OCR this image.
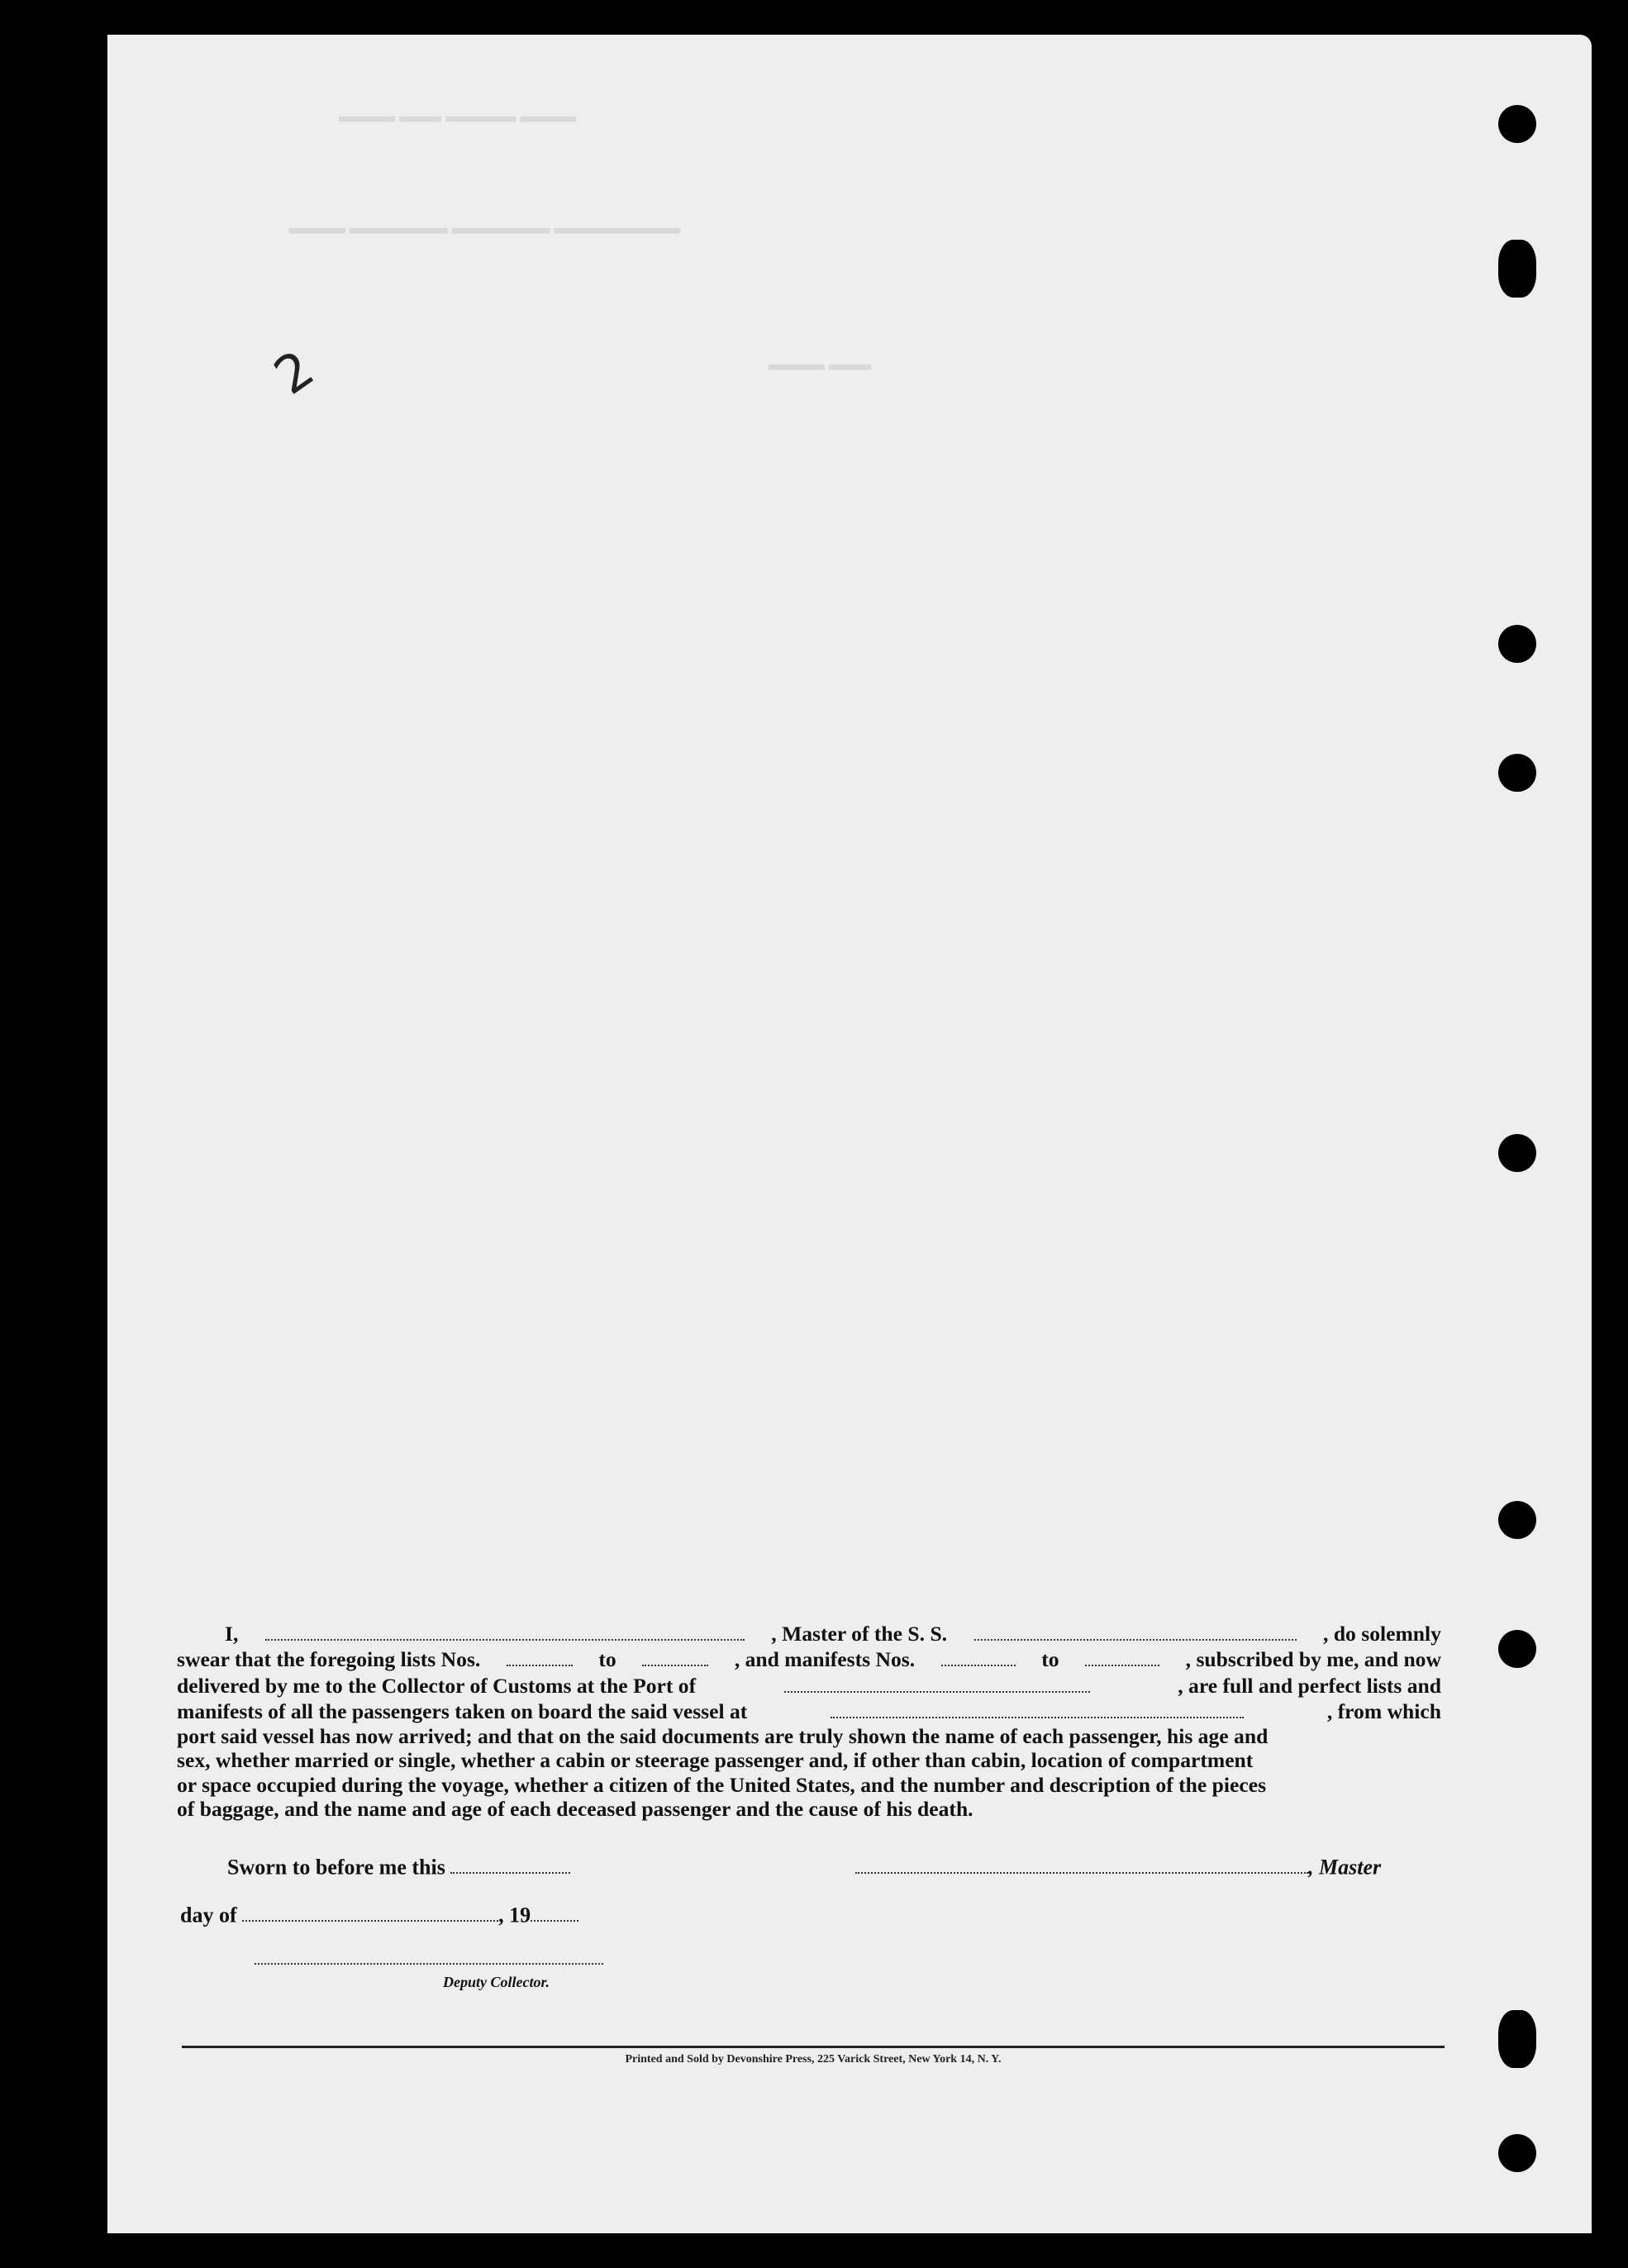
▂▂▂▂ ▂▂▂ ▂▂▂▂▂ ▂▂▂▂
▂▂▂▂ ▂▂▂▂▂▂▂ ▂▂▂▂▂▂▂ ▂▂▂▂▂▂▂▂▂
▂▂▂▂ ▂▂▂
2
I,	, Master of the S. S.	, do solemnly
swear that the foregoing lists Nos.	to	, and manifests Nos.	to	, subscribed by me, and now
delivered by me to the Collector of Customs at the Port of	, are full and perfect lists and
manifests of all the passengers taken on board the said vessel at	, from which
port said vessel has now arrived; and that on the said documents are truly shown the name of each passenger, his age and
sex, whether married or single, whether a cabin or steerage passenger and, if other than cabin, location of compartment
or space occupied during the voyage, whether a citizen of the United States, and the number and description of the pieces
of baggage, and the name and age of each deceased passenger and the cause of his death.
Sworn to before me this	, Master
day of	, 19
Deputy Collector.
Printed and Sold by Devonshire Press, 225 Varick Street, New York 14, N. Y.
